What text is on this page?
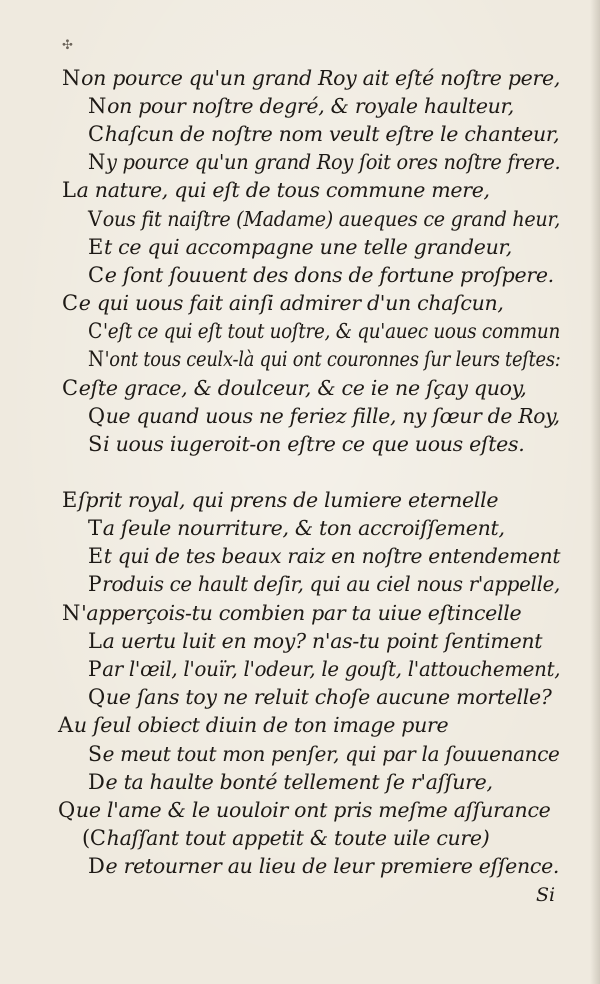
✣
Non pource qu'un grand Roy ait eſté noſtre pere,
Non pour noſtre degré, & royale haulteur,
Chaſcun de noſtre nom veult eſtre le chanteur,
Ny pource qu'un grand Roy ſoit ores noſtre frere.
La nature, qui eſt de tous commune mere,
Vous fit naiſtre (Madame) aueques ce grand heur,
Et ce qui accompagne une telle grandeur,
Ce ſont ſouuent des dons de fortune proſpere.
Ce qui uous fait ainſi admirer d'un chaſcun,
C'eſt ce qui eſt tout uoſtre, & qu'auec uous commun
N'ont tous ceulx-là qui ont couronnes ſur leurs teſtes:
Ceſte grace, & doulceur, & ce ie ne ſçay quoy,
Que quand uous ne feriez fille, ny ſœur de Roy,
Si uous iugeroit-on eſtre ce que uous eſtes.
Eſprit royal, qui prens de lumiere eternelle
Ta ſeule nourriture, & ton accroiſſement,
Et qui de tes beaux raiz en noſtre entendement
Produis ce hault deſir, qui au ciel nous r'appelle,
N'apperçois-tu combien par ta uiue eſtincelle
La uertu luit en moy? n'as-tu point ſentiment
Par l'œil, l'ouïr, l'odeur, le gouſt, l'attouchement,
Que ſans toy ne reluit choſe aucune mortelle?
Au ſeul obiect diuin de ton image pure
Se meut tout mon penſer, qui par la ſouuenance
De ta haulte bonté tellement ſe r'aſſure,
Que l'ame & le uouloir ont pris meſme aſſurance
(Chaſſant tout appetit & toute uile cure)
De retourner au lieu de leur premiere eſſence.
Si
